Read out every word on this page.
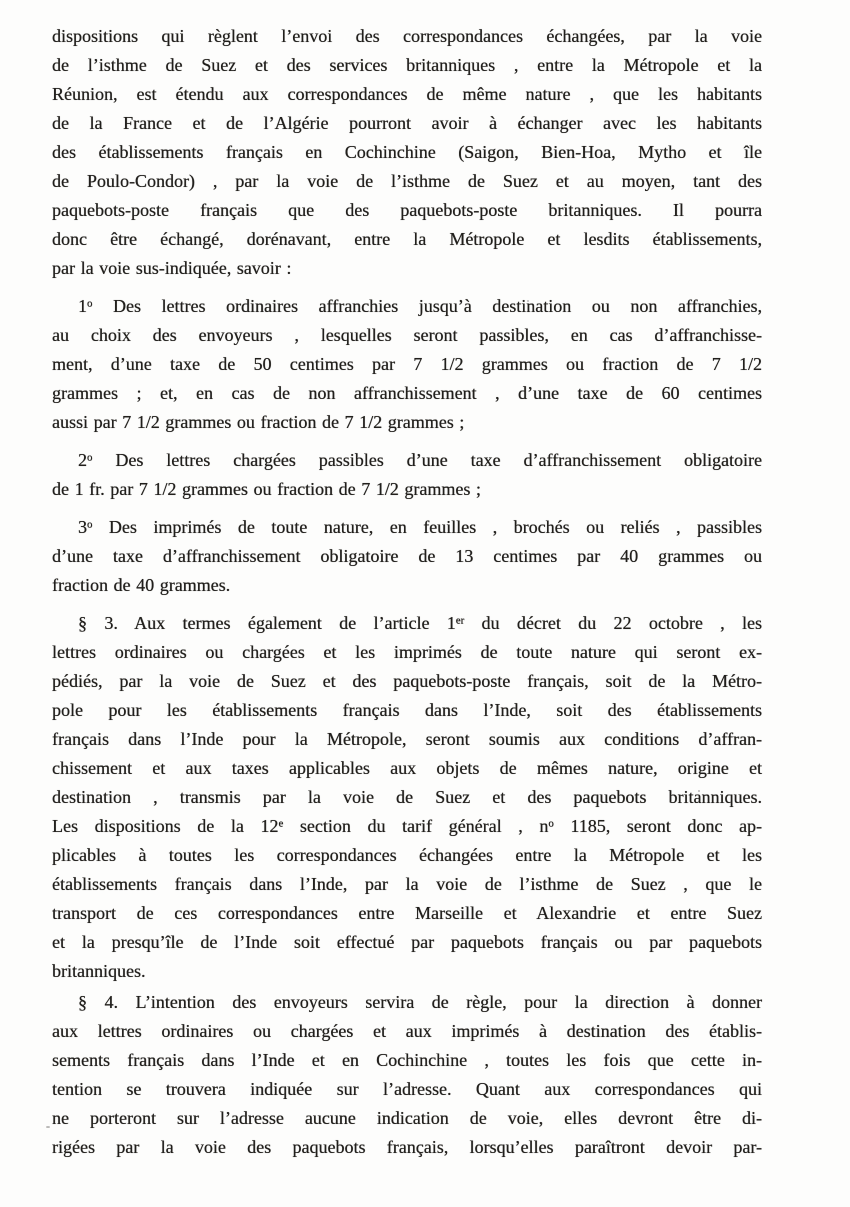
dispositions qui règlent l’envoi des correspondances échangées, par la voie
de l’isthme de Suez et des services britanniques , entre la Métropole et la
Réunion, est étendu aux correspondances de même nature , que les habitants
de la France et de l’Algérie pourront avoir à échanger avec les habitants
des établissements français en Cochinchine (Saigon, Bien-Hoa, Mytho et île
de Poulo-Condor) , par la voie de l’isthme de Suez et au moyen, tant des
paquebots-poste français que des paquebots-poste britanniques. Il pourra
donc être échangé, dorénavant, entre la Métropole et lesdits établissements,
par la voie sus-indiquée, savoir :
1$^o$ Des lettres ordinaires affranchies jusqu’à destination ou non affranchies,
au choix des envoyeurs , lesquelles seront passibles, en cas d’affranchisse-
ment, d’une taxe de 50 centimes par 7 1/2 grammes ou fraction de 7 1/2
grammes ; et, en cas de non affranchissement , d’une taxe de 60 centimes
aussi par 7 1/2 grammes ou fraction de 7 1/2 grammes ;
2$^o$ Des lettres chargées passibles d’une taxe d’affranchissement obligatoire
de 1 fr. par 7 1/2 grammes ou fraction de 7 1/2 grammes ;
3$^o$ Des imprimés de toute nature, en feuilles , brochés ou reliés , passibles
d’une taxe d’affranchissement obligatoire de 13 centimes par 40 grammes ou
fraction de 40 grammes.
§ 3. Aux termes également de l’article 1er du décret du 22 octobre , les
lettres ordinaires ou chargées et les imprimés de toute nature qui seront ex-
pédiés, par la voie de Suez et des paquebots-poste français, soit de la Métro-
pole pour les établissements français dans l’Inde, soit des établissements
français dans l’Inde pour la Métropole, seront soumis aux conditions d’affran-
chissement et aux taxes applicables aux objets de mêmes nature, origine et
destination , transmis par la voie de Suez et des paquebots britanniques.
Les dispositions de la 12e section du tarif général , $n^o$ 1185, seront donc ap-
plicables à toutes les correspondances échangées entre la Métropole et les
établissements français dans l’Inde, par la voie de l’isthme de Suez , que le
transport de ces correspondances entre Marseille et Alexandrie et entre Suez
et la presqu’île de l’Inde soit effectué par paquebots français ou par paquebots
britanniques.
§ 4. L’intention des envoyeurs servira de règle, pour la direction à donner
aux lettres ordinaires ou chargées et aux imprimés à destination des établis-
sements français dans l’Inde et en Cochinchine , toutes les fois que cette in-
tention se trouvera indiquée sur l’adresse. Quant aux correspondances qui
ne porteront sur l’adresse aucune indication de voie, elles devront être di-
rigées par la voie des paquebots français, lorsqu’elles paraîtront devoir par-
